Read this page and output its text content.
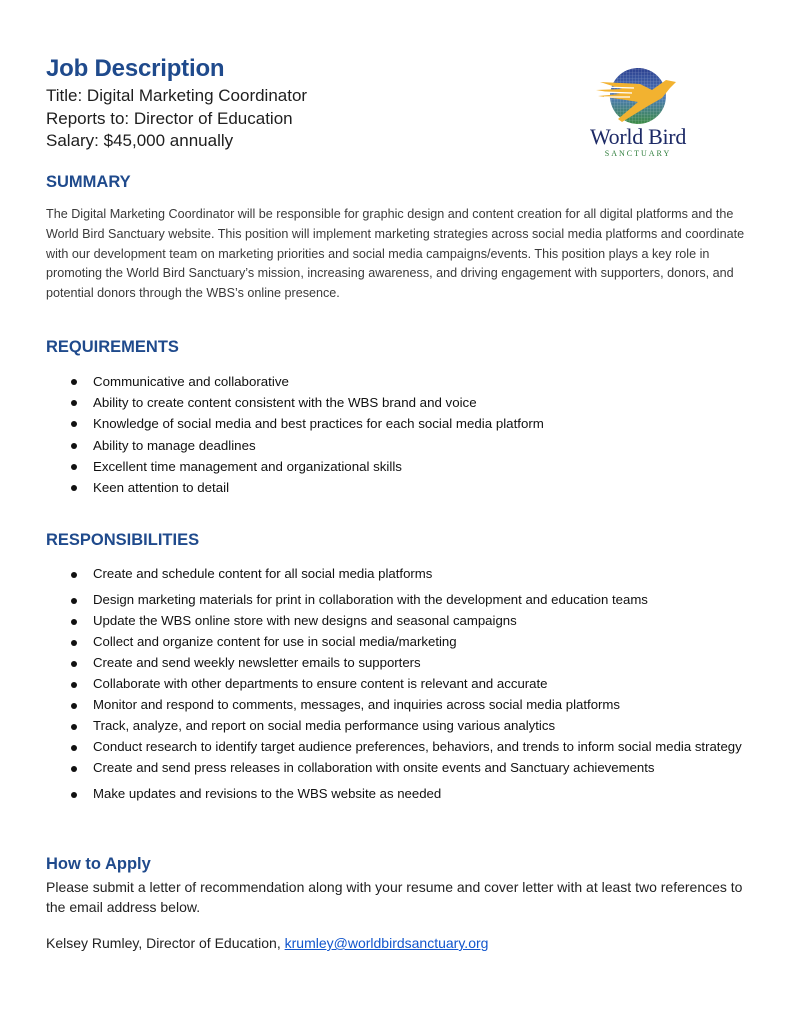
Job Description
Title: Digital Marketing Coordinator
Reports to: Director of Education
Salary: $45,000 annually	World Bird
SANCTUARY
SUMMARY
The Digital Marketing Coordinator will be responsible for graphic design and content creation for all digital platforms and the World Bird Sanctuary website. This position will implement marketing strategies across social media platforms and coordinate with our development team on marketing priorities and social media campaigns/events. This position plays a key role in promoting the World Bird Sanctuary’s mission, increasing awareness, and driving engagement with supporters, donors, and potential donors through the WBS’s online presence.
REQUIREMENTS
Communicative and collaborative
Ability to create content consistent with the WBS brand and voice
Knowledge of social media and best practices for each social media platform
Ability to manage deadlines
Excellent time management and organizational skills
Keen attention to detail
RESPONSIBILITIES
Create and schedule content for all social media platforms
Design marketing materials for print in collaboration with the development and education teams
Update the WBS online store with new designs and seasonal campaigns
Collect and organize content for use in social media/marketing
Create and send weekly newsletter emails to supporters
Collaborate with other departments to ensure content is relevant and accurate
Monitor and respond to comments, messages, and inquiries across social media platforms
Track, analyze, and report on social media performance using various analytics
Conduct research to identify target audience preferences, behaviors, and trends to inform social media strategy
Create and send press releases in collaboration with onsite events and Sanctuary achievements
Make updates and revisions to the WBS website as needed
How to Apply
Please submit a letter of recommendation along with your resume and cover letter with at least two references to the email address below.
Kelsey Rumley, Director of Education, krumley@worldbirdsanctuary.org
